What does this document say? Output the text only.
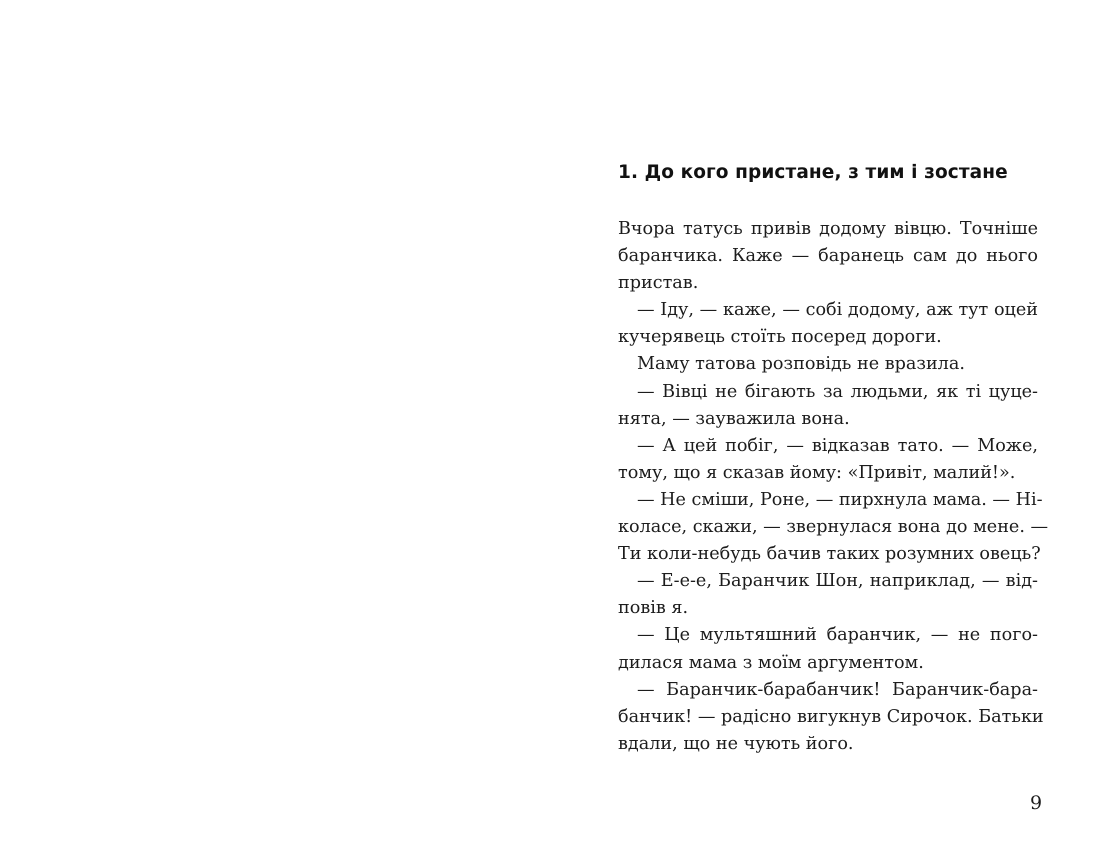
1. До кого пристане, з тим і зостане
Вчора татусь привів додому вівцю. Точніше
баранчика. Каже — баранець сам до нього
пристав.
— Іду, — каже, — собі додому, аж тут оцей
кучерявець стоїть посеред дороги.
Маму татова розповідь не вразила.
— Вівці не бігають за людьми, як ті цуце-
нята, — зауважила вона.
— А цей побіг, — відказав тато. — Може,
тому, що я сказав йому: «Привіт, малий!».
— Не сміши, Роне, — пирхнула мама. — Ні-
коласе, скажи, — звернулася вона до мене. —
Ти коли-небудь бачив таких розумних овець?
— Е-е-е, Баранчик Шон, наприклад, — від-
повів я.
— Це мультяшний баранчик, — не пого-
дилася мама з моїм аргументом.
— Баранчик-барабанчик! Баранчик-бара-
банчик! — радісно вигукнув Сирочок. Батьки
вдали, що не чують його.
9
